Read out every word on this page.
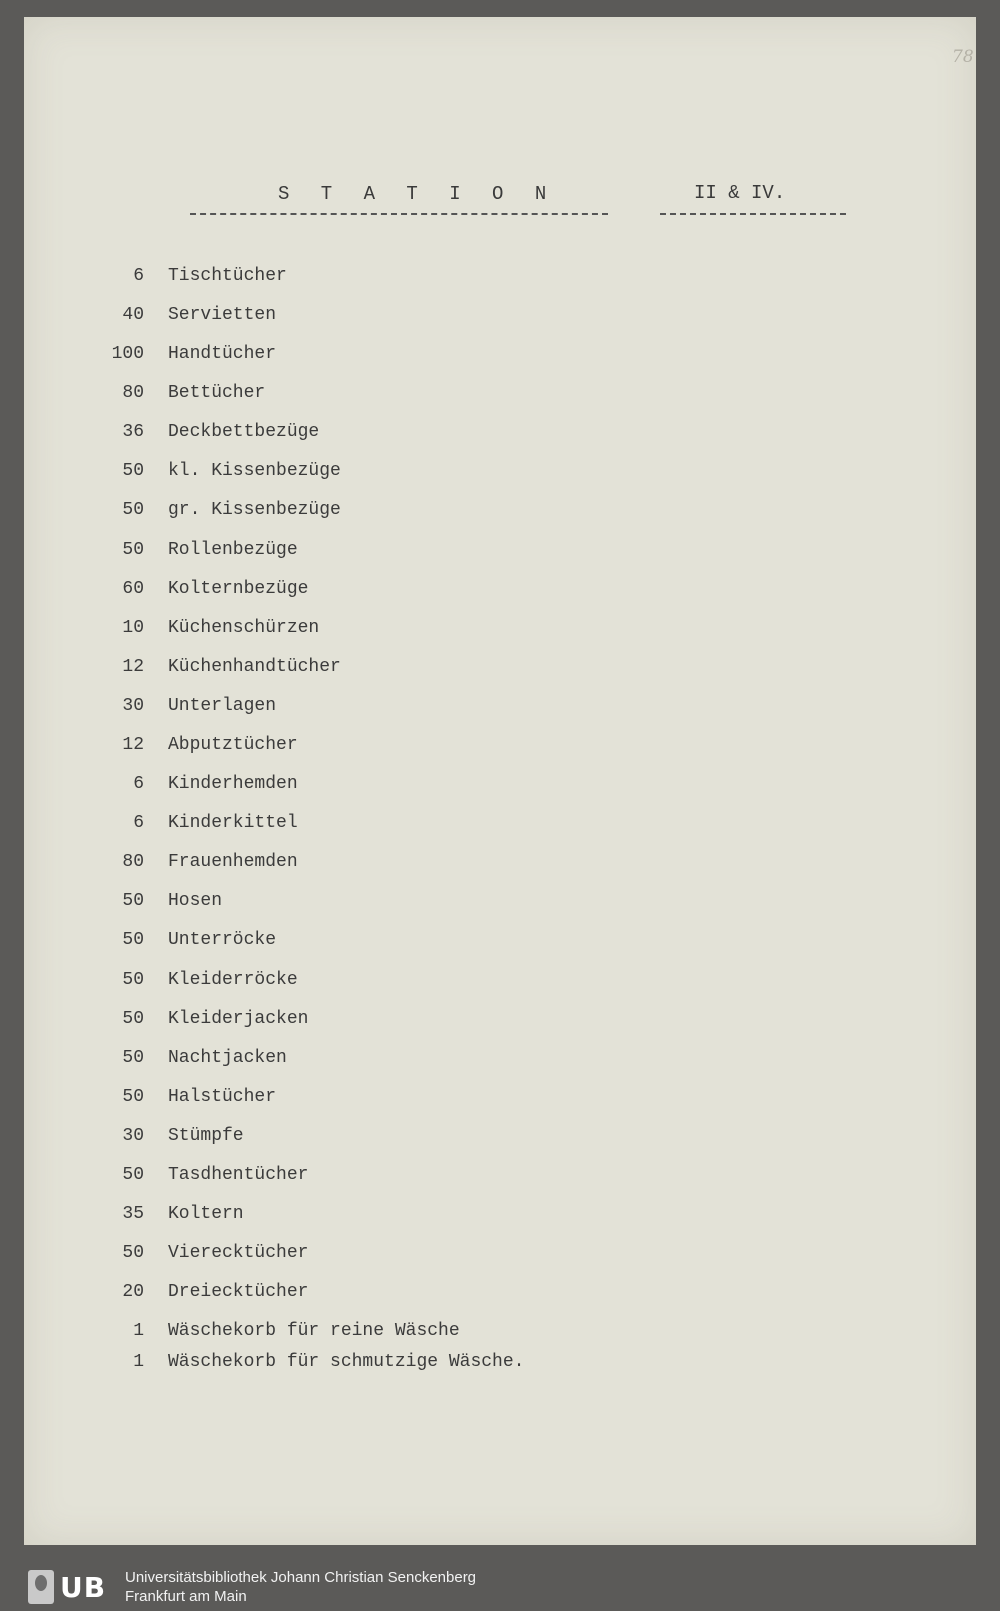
78
S T A T I O N	II & IV.
6 Tischtücher
40 Servietten
100 Handtücher
80 Bettücher
36 Deckbettbezüge
50 kl. Kissenbezüge
50 gr. Kissenbezüge
50 Rollenbezüge
60 Kolternbezüge
10 Küchenschürzen
12 Küchenhandtücher
30 Unterlagen
12 Abputztücher
6 Kinderhemden
6 Kinderkittel
80 Frauenhemden
50 Hosen
50 Unterröcke
50 Kleiderröcke
50 Kleiderjacken
50 Nachtjacken
50 Halstücher
30 Stümpfe
50 Tasdhentücher
35 Koltern
50 Vierecktücher
20 Dreiecktücher
1 Wäschekorb für reine Wäsche
1 Wäschekorb für schmutzige Wäsche.
UB Universitätsbibliothek Johann Christian Senckenberg
Frankfurt am Main
